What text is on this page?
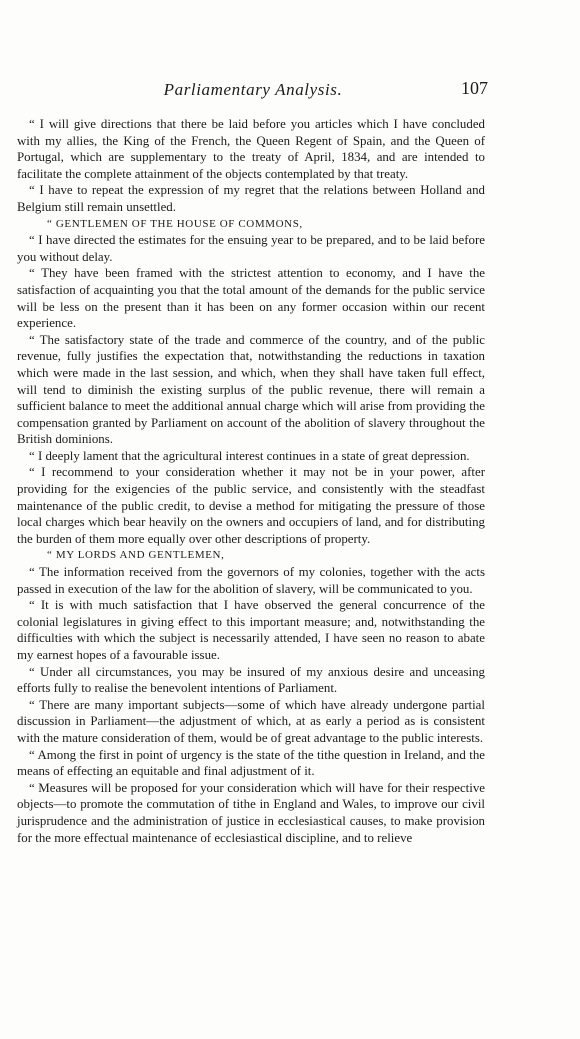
Parliamentary Analysis.	107

“ I will give directions that there be laid before you articles which I have concluded with my allies, the King of the French, the Queen Regent of Spain, and the Queen of Portugal, which are supplementary to the treaty of April, 1834, and are intended to facilitate the complete attainment of the objects contemplated by that treaty.

“ I have to repeat the expression of my regret that the relations between Holland and Belgium still remain unsettled.

“ GENTLEMEN OF THE HOUSE OF COMMONS,

“ I have directed the estimates for the ensuing year to be prepared, and to be laid before you without delay.

“ They have been framed with the strictest attention to economy, and I have the satisfaction of acquainting you that the total amount of the demands for the public service will be less on the present than it has been on any former occasion within our recent experience.

“ The satisfactory state of the trade and commerce of the country, and of the public revenue, fully justifies the expectation that, notwithstanding the reductions in taxation which were made in the last session, and which, when they shall have taken full effect, will tend to diminish the existing surplus of the public revenue, there will remain a sufficient balance to meet the additional annual charge which will arise from providing the compensation granted by Parliament on account of the abolition of slavery throughout the British dominions.

“ I deeply lament that the agricultural interest continues in a state of great depression.

“ I recommend to your consideration whether it may not be in your power, after providing for the exigencies of the public service, and consistently with the steadfast maintenance of the public credit, to devise a method for mitigating the pressure of those local charges which bear heavily on the owners and occupiers of land, and for distributing the burden of them more equally over other descriptions of property.

“ MY LORDS AND GENTLEMEN,

“ The information received from the governors of my colonies, together with the acts passed in execution of the law for the abolition of slavery, will be communicated to you.

“ It is with much satisfaction that I have observed the general concurrence of the colonial legislatures in giving effect to this important measure; and, notwithstanding the difficulties with which the subject is necessarily attended, I have seen no reason to abate my earnest hopes of a favourable issue.

“ Under all circumstances, you may be insured of my anxious desire and unceasing efforts fully to realise the benevolent intentions of Parliament.

“ There are many important subjects—some of which have already undergone partial discussion in Parliament—the adjustment of which, at as early a period as is consistent with the mature consideration of them, would be of great advantage to the public interests.

“ Among the first in point of urgency is the state of the tithe question in Ireland, and the means of effecting an equitable and final adjustment of it.

“ Measures will be proposed for your consideration which will have for their respective objects—to promote the commutation of tithe in England and Wales, to improve our civil jurisprudence and the administration of justice in ecclesiastical causes, to make provision for the more effectual maintenance of ecclesiastical discipline, and to relieve
